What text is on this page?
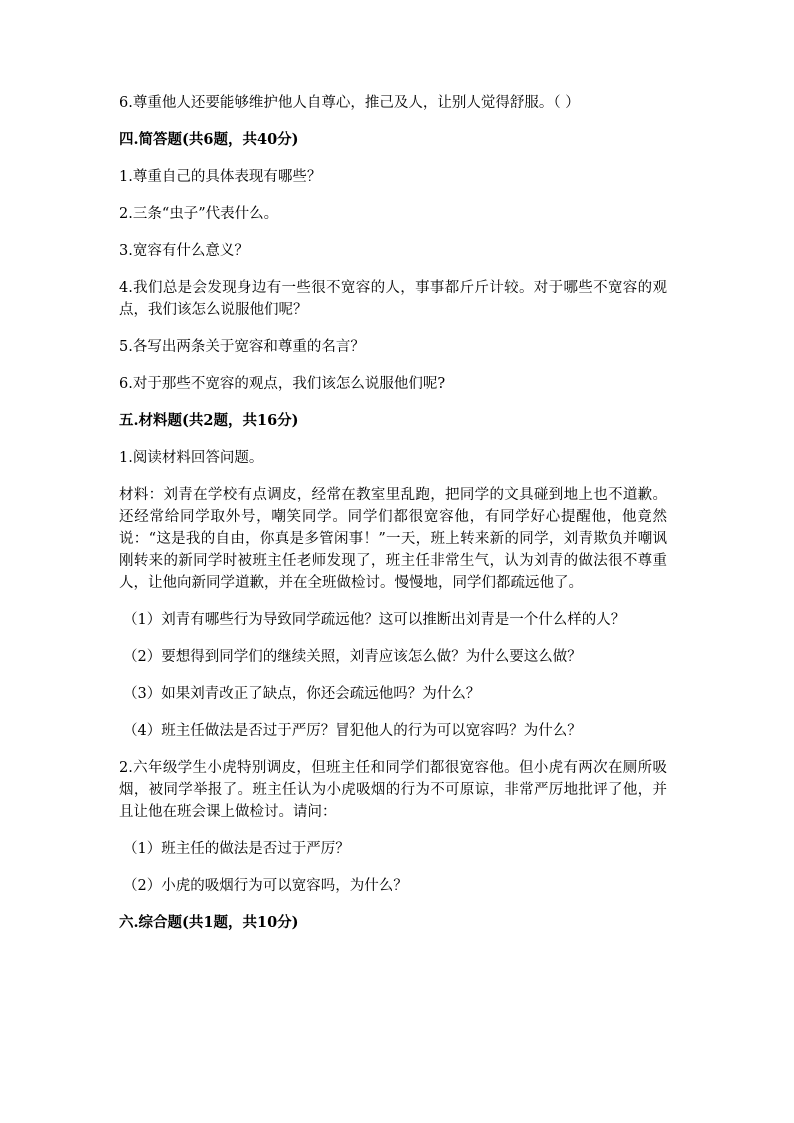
6.尊重他人还要能够维护他人自尊心，推己及人，让别人觉得舒服。（ ）

四.简答题(共6题，共40分)

1.尊重自己的具体表现有哪些？

2.三条“虫子”代表什么。

3.宽容有什么意义？

4.我们总是会发现身边有一些很不宽容的人，事事都斤斤计较。对于哪些不宽容的观点，我们该怎么说服他们呢？

5.各写出两条关于宽容和尊重的名言？

6.对于那些不宽容的观点，我们该怎么说服他们呢?

五.材料题(共2题，共16分)

1.阅读材料回答问题。

材料：刘青在学校有点调皮，经常在教室里乱跑，把同学的文具碰到地上也不道歉。还经常给同学取外号，嘲笑同学。同学们都很宽容他，有同学好心提醒他，他竟然说：“这是我的自由，你真是多管闲事！”一天，班上转来新的同学，刘青欺负并嘲讽刚转来的新同学时被班主任老师发现了，班主任非常生气，认为刘青的做法很不尊重人，让他向新同学道歉，并在全班做检讨。慢慢地，同学们都疏远他了。

（1）刘青有哪些行为导致同学疏远他？这可以推断出刘青是一个什么样的人？

（2）要想得到同学们的继续关照，刘青应该怎么做？为什么要这么做？

（3）如果刘青改正了缺点，你还会疏远他吗？为什么？

（4）班主任做法是否过于严厉？冒犯他人的行为可以宽容吗？为什么？

2.六年级学生小虎特别调皮，但班主任和同学们都很宽容他。但小虎有两次在厕所吸烟，被同学举报了。班主任认为小虎吸烟的行为不可原谅，非常严厉地批评了他，并且让他在班会课上做检讨。请问：

（1）班主任的做法是否过于严厉？

（2）小虎的吸烟行为可以宽容吗，为什么？

六.综合题(共1题，共10分)
